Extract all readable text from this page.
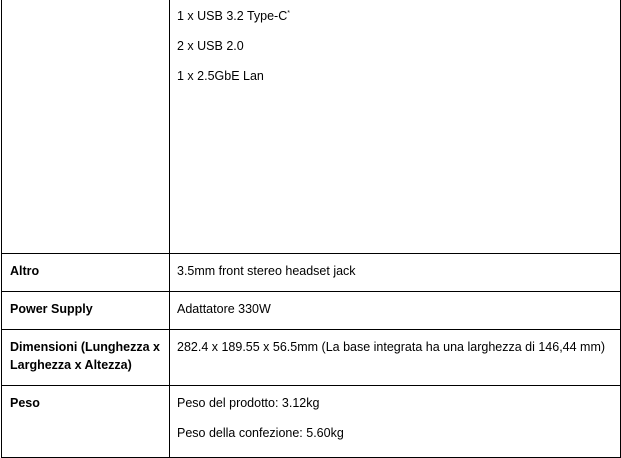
	1 x USB 3.2 Type-C*
2 x USB 2.0
1 x 2.5GbE Lan

Altro	3.5mm front stereo headset jack

Power Supply	Adattatore 330W

Dimensioni (Lunghezza x Larghezza x Altezza)	282.4 x 189.55 x 56.5mm (La base integrata ha una larghezza di 146,44 mm)

Peso	Peso del prodotto: 3.12kg
Peso della confezione: 5.60kg
